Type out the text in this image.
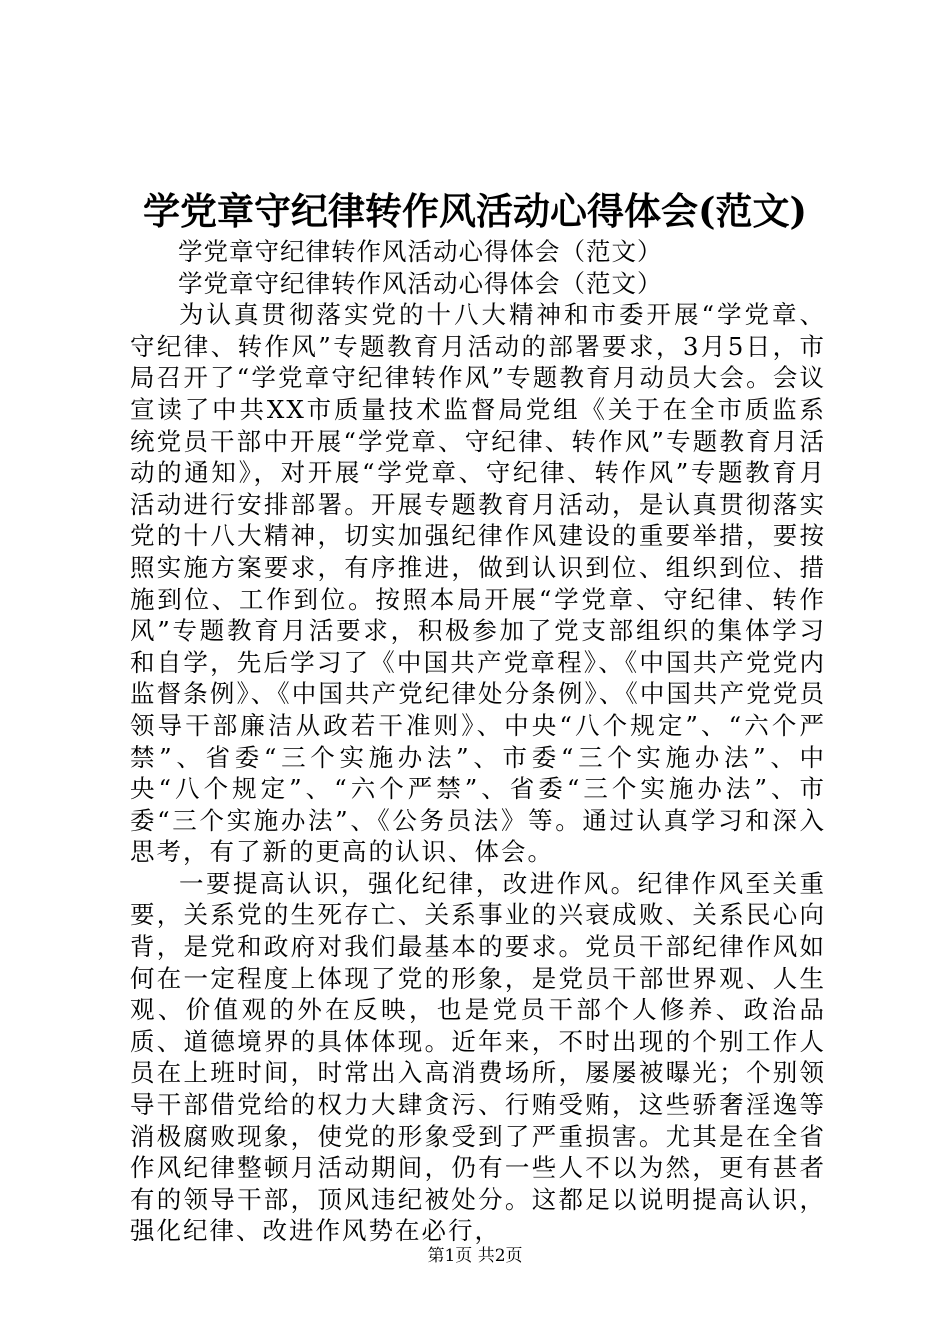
学党章守纪律转作风活动心得体会(范文)

学党章守纪律转作风活动心得体会（范文）

学党章守纪律转作风活动心得体会（范文）

为认真贯彻落实党的十八大精神和市委开展“学党章、守纪律、转作风”专题教育月活动的部署要求，3月5日，市局召开了“学党章守纪律转作风”专题教育月动员大会。会议宣读了中共XX市质量技术监督局党组《关于在全市质监系统党员干部中开展“学党章、守纪律、转作风”专题教育月活动的通知》，对开展“学党章、守纪律、转作风”专题教育月活动进行安排部署。开展专题教育月活动，是认真贯彻落实党的十八大精神，切实加强纪律作风建设的重要举措，要按照实施方案要求，有序推进，做到认识到位、组织到位、措施到位、工作到位。按照本局开展“学党章、守纪律、转作风”专题教育月活要求，积极参加了党支部组织的集体学习和自学，先后学习了《中国共产党章程》、《中国共产党党内监督条例》、《中国共产党纪律处分条例》、《中国共产党党员领导干部廉洁从政若干准则》、中央“八个规定”、“六个严禁”、省委“三个实施办法”、市委“三个实施办法”、中央“八个规定”、“六个严禁”、省委“三个实施办法”、市委“三个实施办法”、《公务员法》等。通过认真学习和深入思考，有了新的更高的认识、体会。

一要提高认识，强化纪律，改进作风。纪律作风至关重要，关系党的生死存亡、关系事业的兴衰成败、关系民心向背，是党和政府对我们最基本的要求。党员干部纪律作风如何在一定程度上体现了党的形象，是党员干部世界观、人生观、价值观的外在反映，也是党员干部个人修养、政治品质、道德境界的具体体现。近年来，不时出现的个别工作人员在上班时间，时常出入高消费场所，屡屡被曝光；个别领导干部借党给的权力大肆贪污、行贿受贿，这些骄奢淫逸等消极腐败现象，使党的形象受到了严重损害。尤其是在全省作风纪律整顿月活动期间，仍有一些人不以为然，更有甚者有的领导干部，顶风违纪被处分。这都足以说明提高认识，强化纪律、改进作风势在必行，

第1页 共2页
